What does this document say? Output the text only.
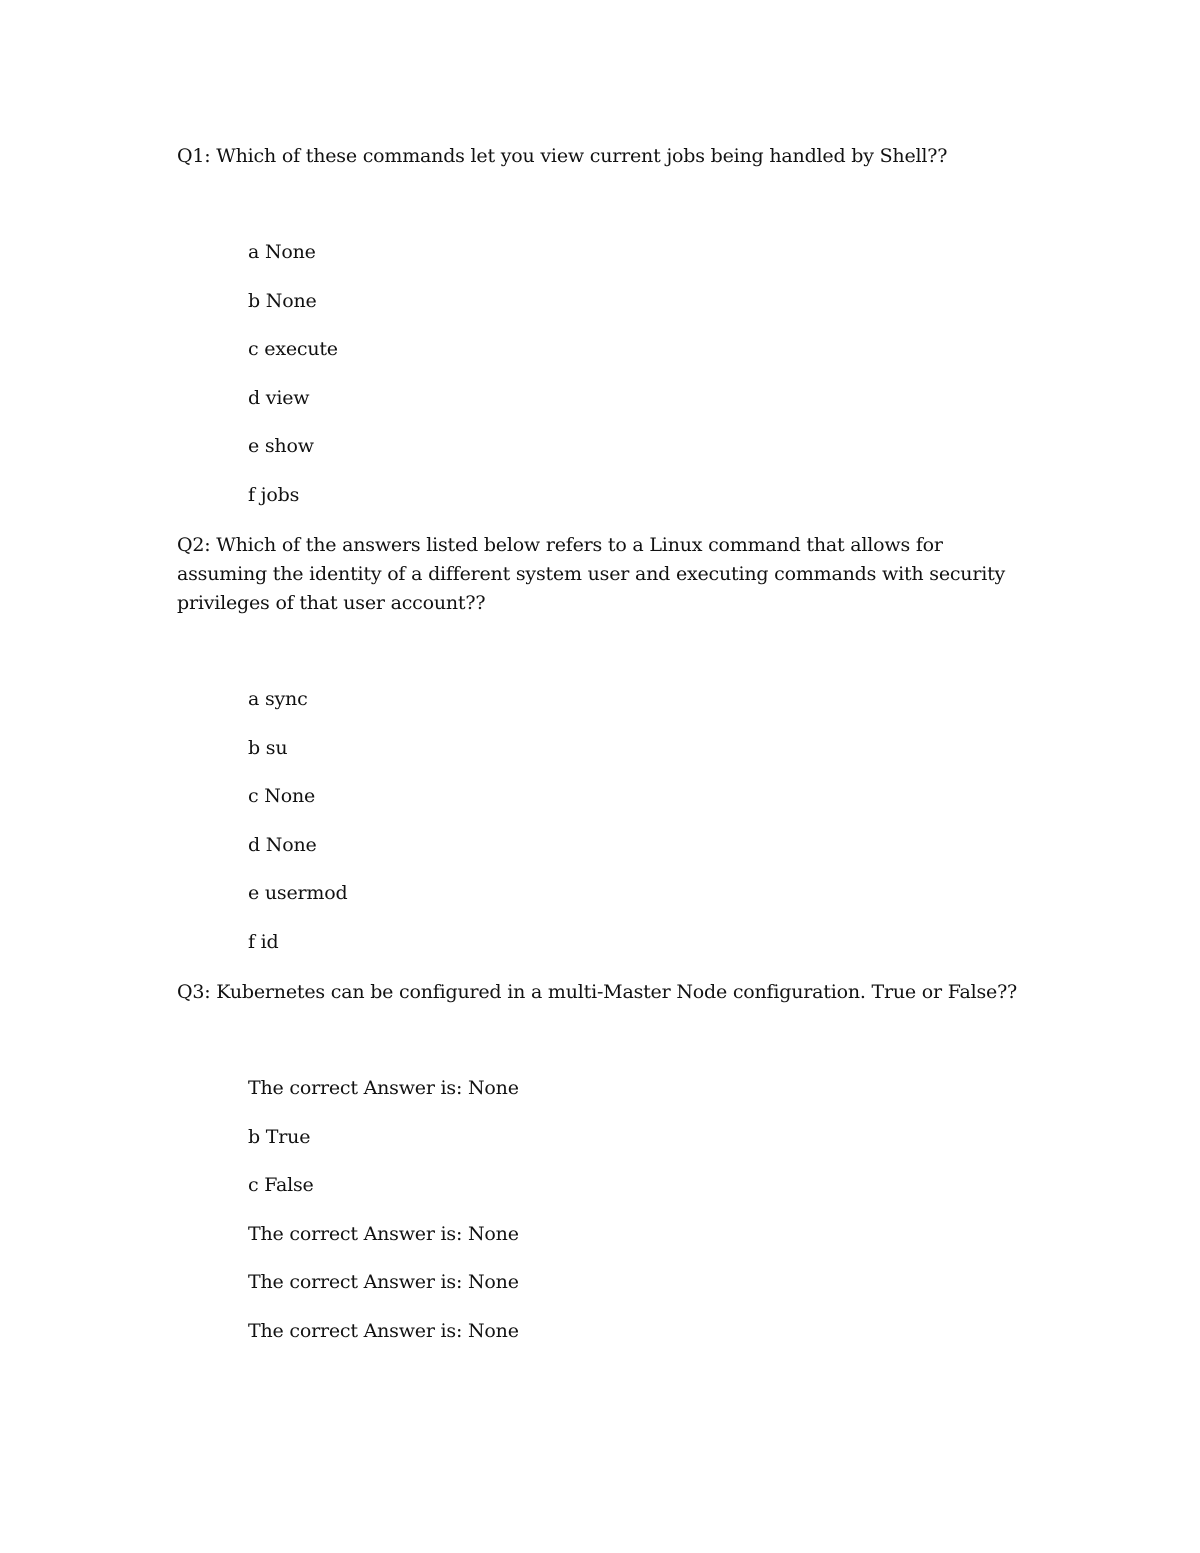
Q1: Which of these commands let you view current jobs being handled by Shell??
a None
b None
c execute
d view
e show
f jobs
Q2: Which of the answers listed below refers to a Linux command that allows for assuming the identity of a different system user and executing commands with security privileges of that user account??
a sync
b su
c None
d None
e usermod
f id
Q3: Kubernetes can be configured in a multi-Master Node configuration. True or False??
The correct Answer is: None
b True
c False
The correct Answer is: None
The correct Answer is: None
The correct Answer is: None
